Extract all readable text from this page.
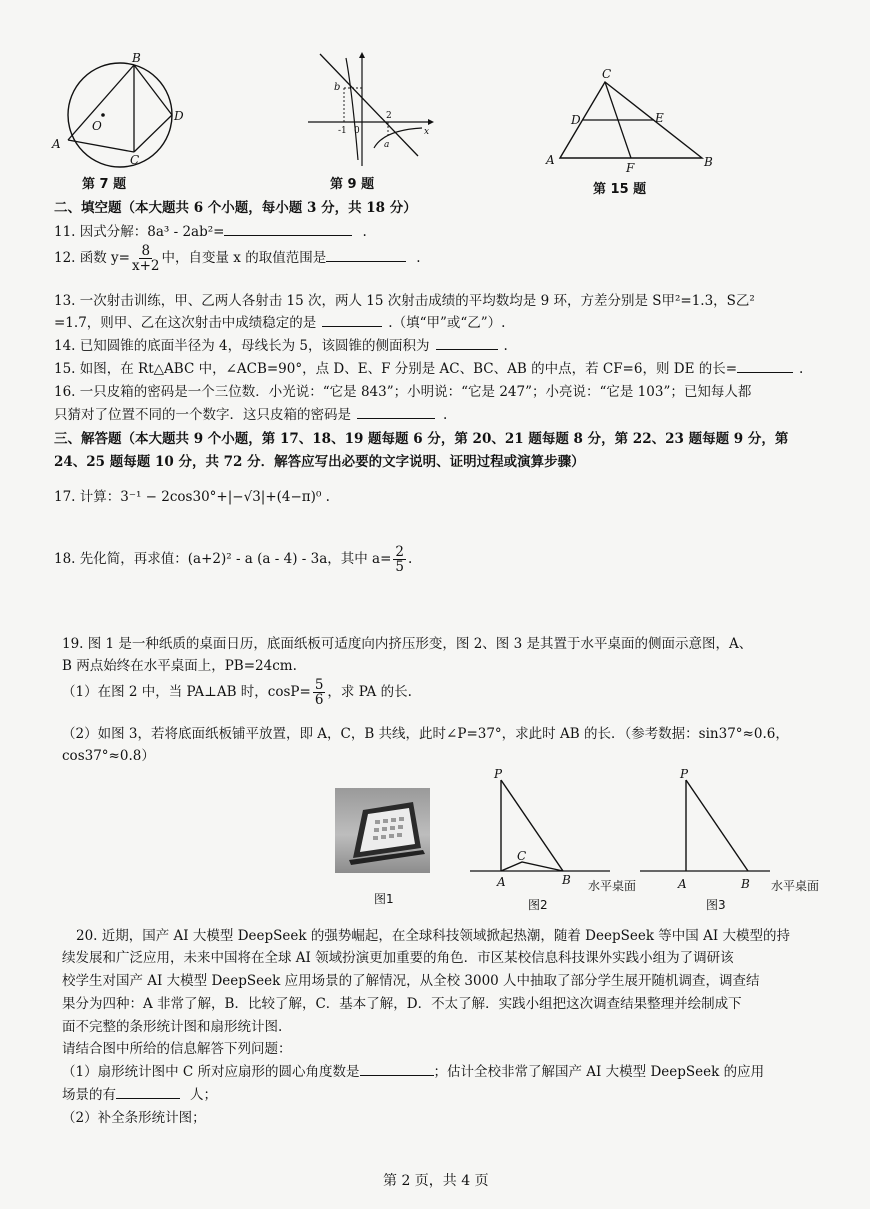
O
A
B
C
D
第 7 题
b
-1 0
2
x
a
第 9 题
C
D	E
A
F	B
第 15 题
二、填空题（本大题共 6 个小题，每小题 3 分，共 18 分）
11. 因式分解：8a³ - 2ab²=	.
12. 函数 $y= \frac{8}{x+2}$ 中，自变量 x 的取值范围是	.
13. 一次射击训练，甲、乙两人各射击 15 次，两人 15 次射击成绩的平均数均是 9 环，方差分别是 S甲²=1.3，S乙²
=1.7，则甲、乙在这次射击中成绩稳定的是	.（填“甲”或“乙”）.
14. 已知圆锥的底面半径为 4，母线长为 5，该圆锥的侧面积为	.
15. 如图，在 Rt△ABC 中，∠ACB=90°，点 D、E、F 分别是 AC、BC、AB 的中点，若 CF=6，则 DE 的长=	.
16. 一只皮箱的密码是一个三位数．小光说：“它是 843”；小明说：“它是 247”；小亮说：“它是 103”；已知每人都
只猜对了位置不同的一个数字．这只皮箱的密码是	.
三、解答题（本大题共 9 个小题，第 17、18、19 题每题 6 分，第 20、21 题每题 8 分，第 22、23 题每题 9 分，第
24、25 题每题 10 分，共 72 分．解答应写出必要的文字说明、证明过程或演算步骤）
17. 计算：3⁻¹ − 2cos30°+|−√3|+(4−π)⁰ .
18. 先化简，再求值：(a+2)² - a (a - 4) - 3a，其中 $a= \frac{2}{5}$ .
19. 图 1 是一种纸质的桌面日历，底面纸板可适度向内挤压形变，图 2、图 3 是其置于水平桌面的侧面示意图，A、
B 两点始终在水平桌面上，PB=24cm.
（1）在图 2 中，当 PA⊥AB 时，$\cos P= \frac{5}{6}$ ，求 PA 的长.
（2）如图 3，若将底面纸板铺平放置，即 A，C，B 共线，此时∠P=37°，求此时 AB 的长．（参考数据：sin37°≈0.6，
cos37°≈0.8）
图1
P
C
A	B 水平桌面
图2
P
A	B 水平桌面
图3
20. 近期，国产 AI 大模型 DeepSeek 的强势崛起，在全球科技领域掀起热潮，随着 DeepSeek 等中国 AI 大模型的持
续发展和广泛应用，未来中国将在全球 AI 领域扮演更加重要的角色．市区某校信息科技课外实践小组为了调研该
校学生对国产 AI 大模型 DeepSeek 应用场景的了解情况，从全校 3000 人中抽取了部分学生展开随机调查，调查结
果分为四种：A 非常了解，B．比较了解，C．基本了解，D．不太了解．实践小组把这次调查结果整理并绘制成下
面不完整的条形统计图和扇形统计图.
请结合图中所给的信息解答下列问题：
（1）扇形统计图中 C 所对应扇形的圆心角度数是	；估计全校非常了解国产 AI 大模型 DeepSeek 的应用
场景的有	人；
（2）补全条形统计图；
第 2 页，共 4 页
